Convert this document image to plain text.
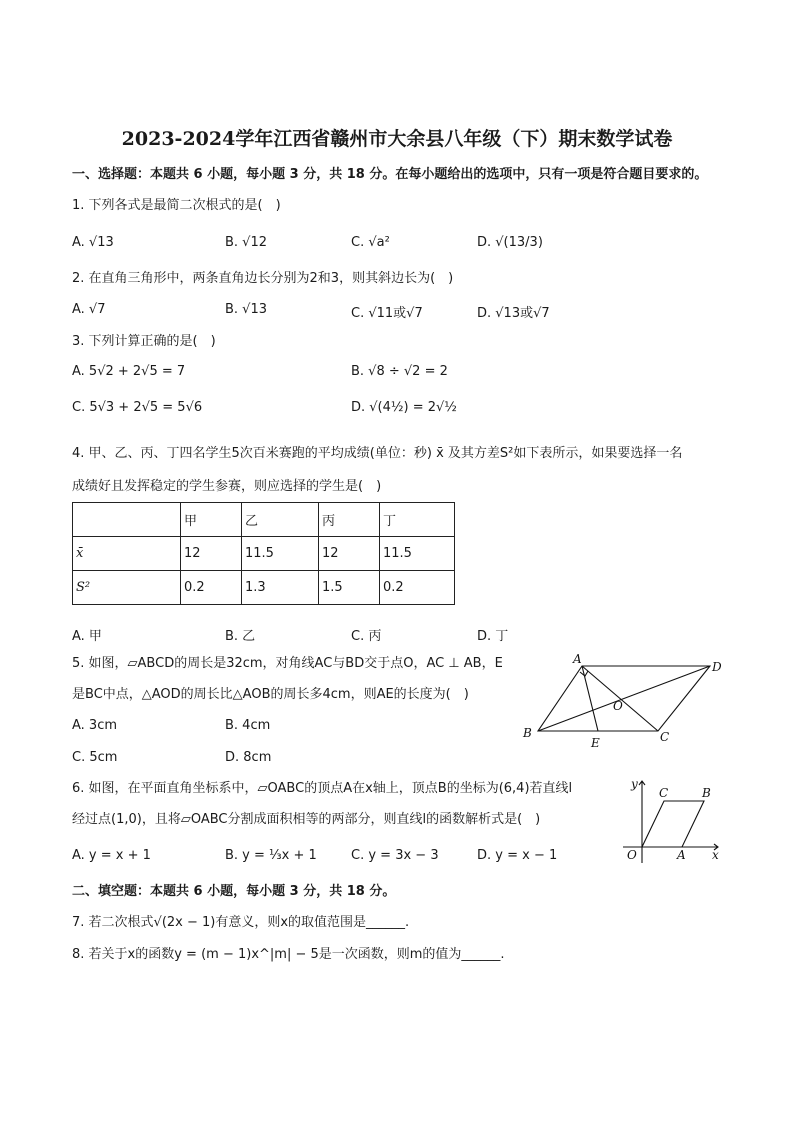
2023-2024学年江西省赣州市大余县八年级（下）期末数学试卷
一、选择题：本题共 6 小题，每小题 3 分，共 18 分。在每小题给出的选项中，只有一项是符合题目要求的。
1. 下列各式是最简二次根式的是(　)
A. √13	B. √12	C. √a²	D. √(13/3)
2. 在直角三角形中，两条直角边长分别为2和3，则其斜边长为(　)
A. √7	B. √13	C. √11或√7	D. √13或√7
3. 下列计算正确的是(　)
A. 5√2 + 2√5 = 7	B. √8 ÷ √2 = 2
C. 5√3 + 2√5 = 5√6	D. √(4½) = 2√½
4. 甲、乙、丙、丁四名学生5次百米赛跑的平均成绩(单位：秒) x̄ 及其方差S²如下表所示，如果要选择一名
成绩好且发挥稳定的学生参赛，则应选择的学生是(　)
	甲	乙	丙	丁
x̄	12	11.5	12	11.5
S²	0.2	1.3	1.5	0.2
A. 甲	B. 乙	C. 丙	D. 丁
5. 如图，▱ABCD的周长是32cm，对角线AC与BD交于点O，AC ⊥ AB，E
是BC中点，△AOD的周长比△AOB的周长多4cm，则AE的长度为(　)
A. 3cm	B. 4cm
C. 5cm	D. 8cm
A
D
O
B
E	C
6. 如图，在平面直角坐标系中，▱OABC的顶点A在x轴上，顶点B的坐标为(6,4)若直线l
经过点(1,0)，且将▱OABC分割成面积相等的两部分，则直线l的函数解析式是(　)
A. y = x + 1	B. y = ⅓x + 1	C. y = 3x − 3	D. y = x − 1
y
C	B
O	A x
二、填空题：本题共 6 小题，每小题 3 分，共 18 分。
7. 若二次根式√(2x − 1)有意义，则x的取值范围是______.
8. 若关于x的函数y = (m − 1)x^|m| − 5是一次函数，则m的值为______.
